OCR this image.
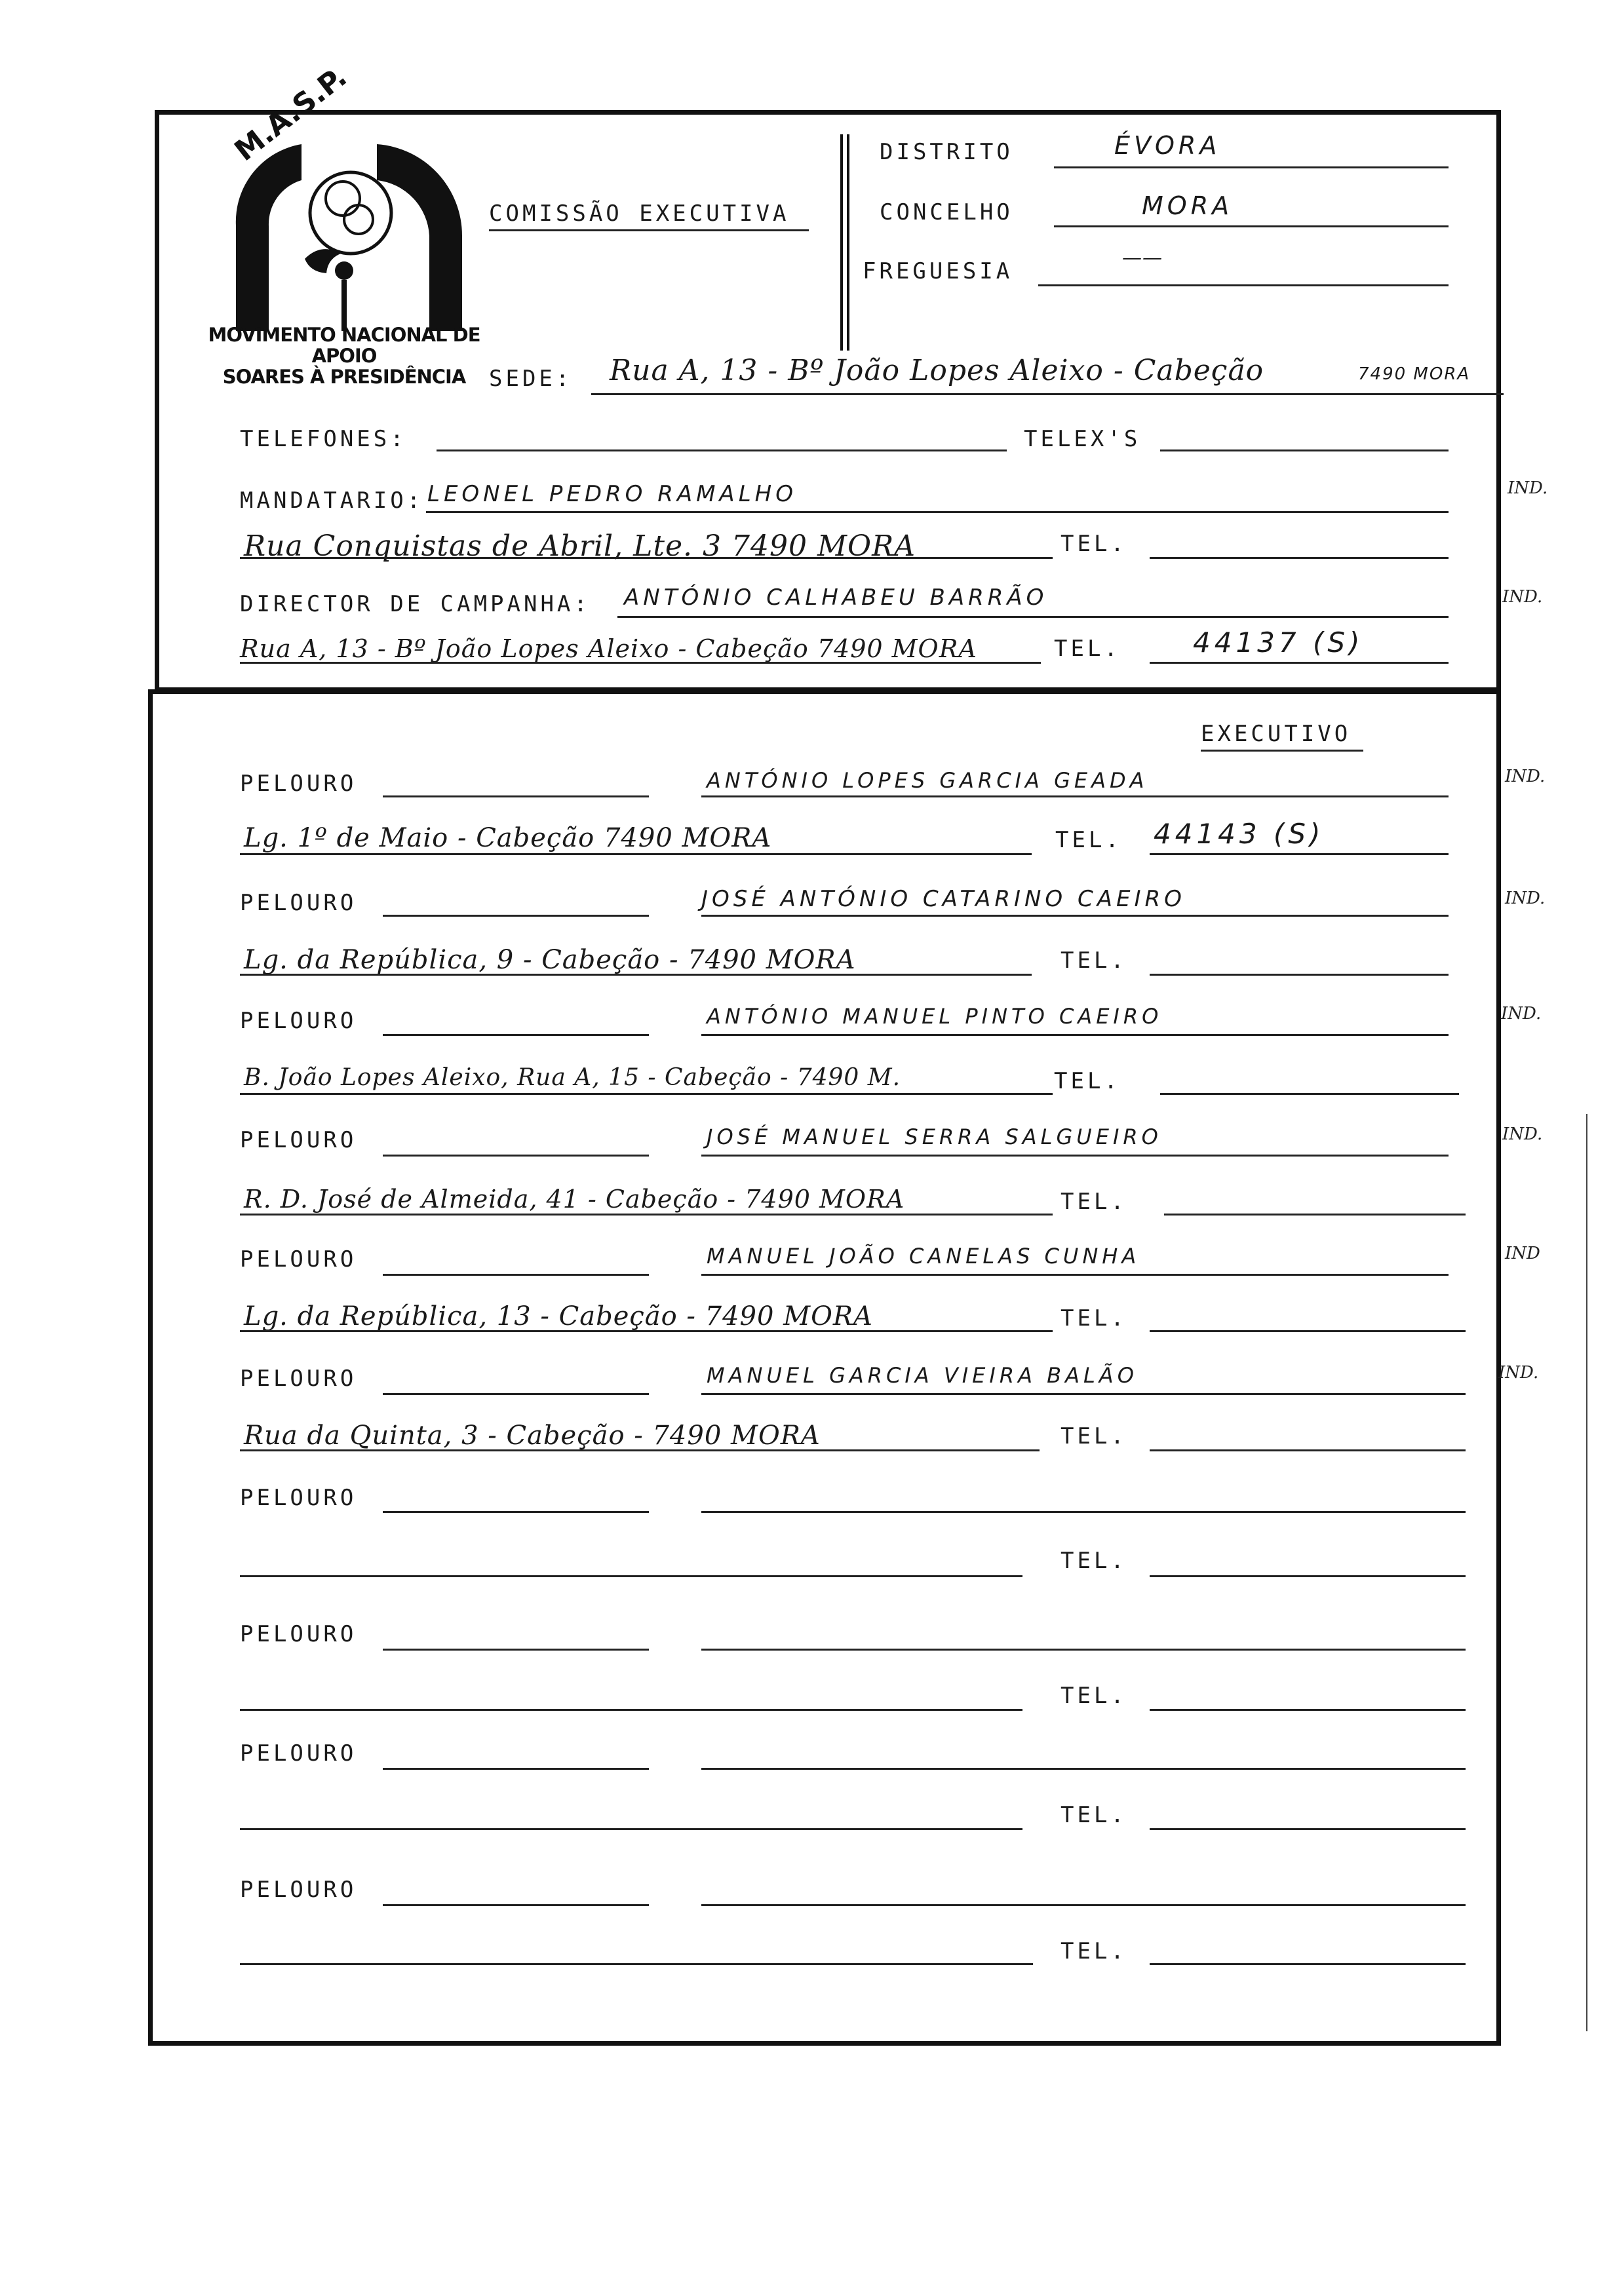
M.A.S.P.
MOVIMENTO NACIONAL DE APOIO
SOARES À PRESIDÊNCIA
COMISSÃO EXECUTIVA
DISTRITO	ÉVORA
CONCELHO	MORA
FREGUESIA
——
SEDE: Rua A, 13 - Bº João Lopes Aleixo - Cabeção	7490 MORA
TELEFONES:	TELEX'S
MANDATARIO: LEONEL PEDRO RAMALHO	IND.
Rua Conquistas de Abril, Lte. 3 7490 MORA	TEL.
DIRECTOR DE CAMPANHA: ANTÓNIO CALHABEU BARRÃO	IND.
Rua A, 13 - Bº João Lopes Aleixo - Cabeção 7490 MORA	TEL.	44137 (S)
EXECUTIVO
PELOURO	ANTÓNIO LOPES GARCIA GEADA	IND.
Lg. 1º de Maio - Cabeção 7490 MORA	TEL. 44143 (S)
PELOURO	JOSÉ ANTÓNIO CATARINO CAEIRO	IND.
Lg. da República, 9 - Cabeção - 7490 MORA	TEL.
PELOURO	ANTÓNIO MANUEL PINTO CAEIRO	IND.
B. João Lopes Aleixo, Rua A, 15 - Cabeção - 7490 M.	TEL.
PELOURO	JOSÉ MANUEL SERRA SALGUEIRO	IND.
R. D. José de Almeida, 41 - Cabeção - 7490 MORA	TEL.
PELOURO	MANUEL JOÃO CANELAS CUNHA	IND
Lg. da República, 13 - Cabeção - 7490 MORA	TEL.
PELOURO	MANUEL GARCIA VIEIRA BALÃO	IND.
Rua da Quinta, 3 - Cabeção - 7490 MORA	TEL.
PELOURO
TEL.
PELOURO
TEL.
PELOURO
TEL.
PELOURO
TEL.
